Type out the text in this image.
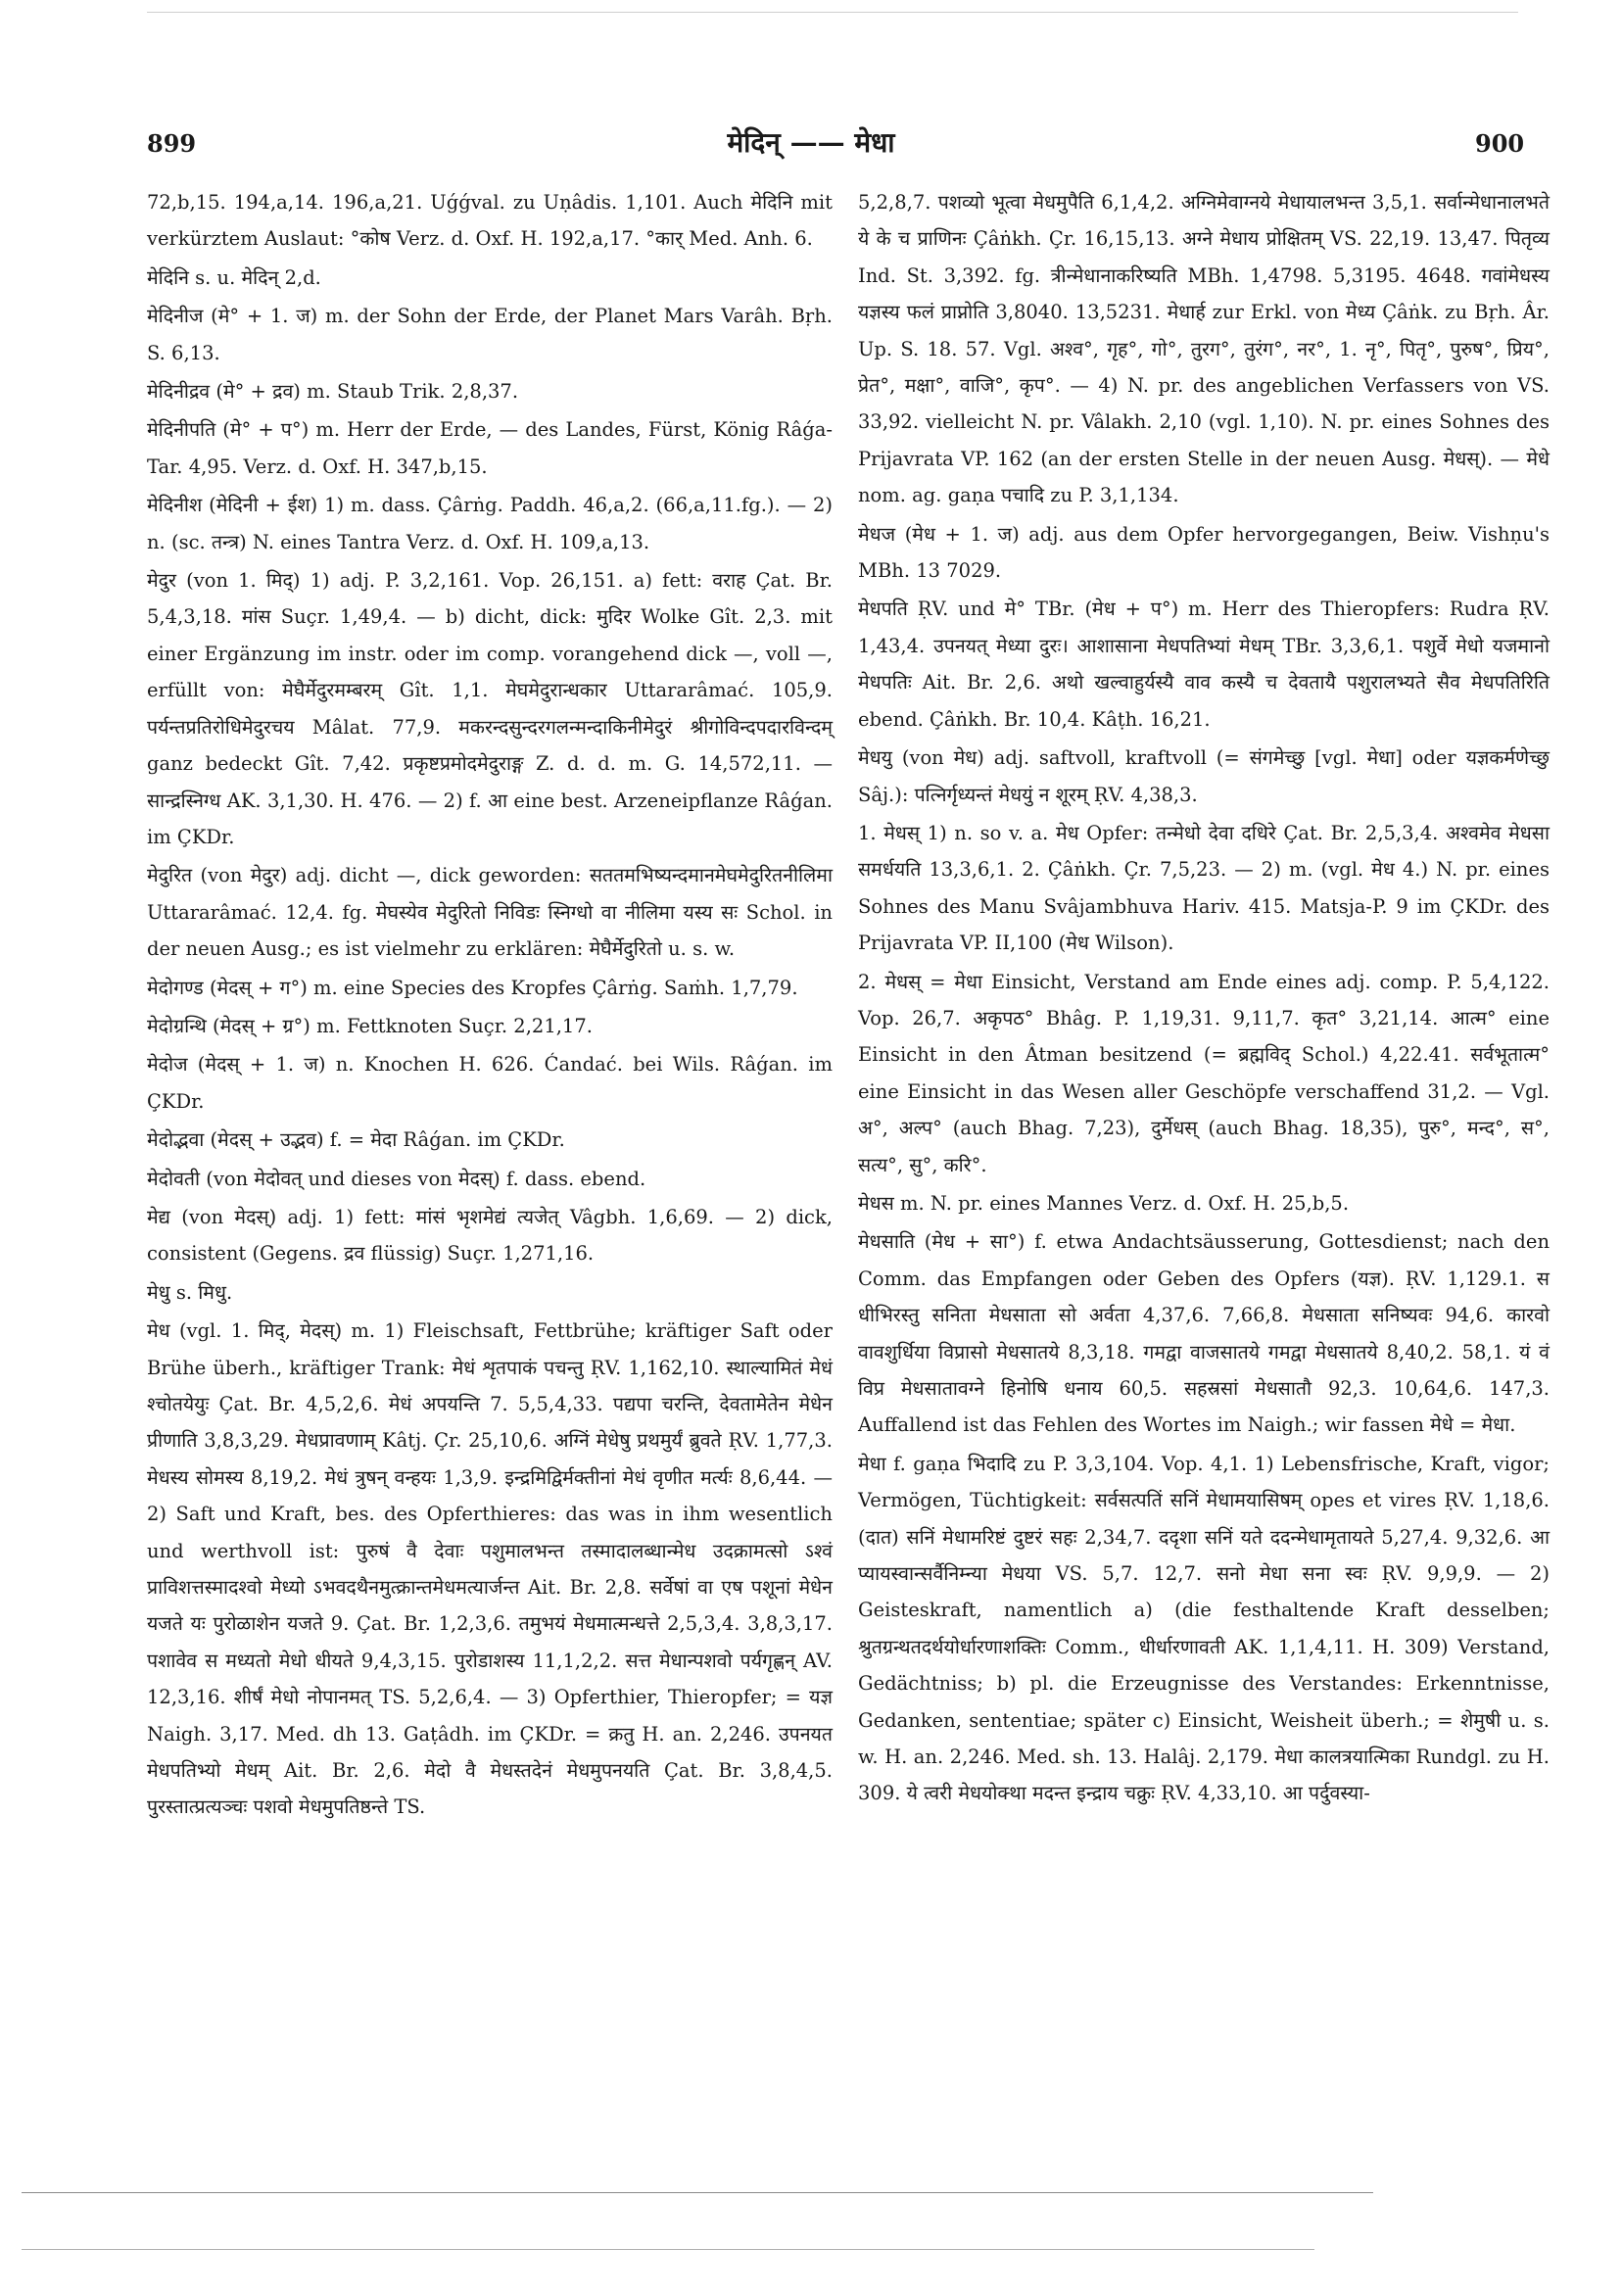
899	मेदिन् —— मेधा	900

72,b,15. 194,a,14. 196,a,21. Uǵǵval. zu Uṇâdis. 1,101. Auch मेदिनि mit verkürztem Auslaut: °कोष Verz. d. Oxf. H. 192,a,17. °कार् Med. Anh. 6.

मेदिनि s. u. मेदिन् 2,d.

मेदिनीज (मे° + 1. ज) m. der Sohn der Erde, der Planet Mars Varâh. Bṛh. S. 6,13.

मेदिनीद्रव (मे° + द्रव) m. Staub Trik. 2,8,37.

मेदिनीपति (मे° + प°) m. Herr der Erde, — des Landes, Fürst, König Râǵa-Tar. 4,95. Verz. d. Oxf. H. 347,b,15.

मेदिनीश (मेदिनी + ईश) 1) m. dass. Çârṅg. Paddh. 46,a,2. (66,a,11.fg.). — 2) n. (sc. तन्त्र) N. eines Tantra Verz. d. Oxf. H. 109,a,13.

मेदुर (von 1. मिद्) 1) adj. P. 3,2,161. Vop. 26,151. a) fett: वराह Çat. Br. 5,4,3,18. मांस Suçr. 1,49,4. — b) dicht, dick: मुदिर Wolke Gît. 2,3. mit einer Ergänzung im instr. oder im comp. vorangehend dick —, voll —, erfüllt von: मेघैर्मेदुरमम्बरम् Gît. 1,1. मेघमेदुरान्धकार Uttararâmać. 105,9. पर्यन्तप्रतिरोधिमेदुरचय Mâlat. 77,9. मकरन्दसुन्दरगलन्मन्दाकिनीमेदुरं श्रीगोविन्दपदारविन्दम् ganz bedeckt Gît. 7,42. प्रकृष्टप्रमोदमेदुराङ्ग Z. d. d. m. G. 14,572,11. — सान्द्रस्निग्ध AK. 3,1,30. H. 476. — 2) f. आ eine best. Arzeneipflanze Râǵan. im ÇKDr.

मेदुरित (von मेदुर) adj. dicht —, dick geworden: सततमभिष्यन्दमानमेघमेदुरितनीलिमा Uttararâmać. 12,4. fg. मेघस्येव मेदुरितो निविडः स्निग्धो वा नीलिमा यस्य सः Schol. in der neuen Ausg.; es ist vielmehr zu erklären: मेघैर्मेदुरितो u. s. w.

मेदोगण्ड (मेदस् + ग°) m. eine Species des Kropfes Çârṅg. Saṁh. 1,7,79.

मेदोग्रन्थि (मेदस् + ग्र°) m. Fettknoten Suçr. 2,21,17.

मेदोज (मेदस् + 1. ज) n. Knochen H. 626. Ćandać. bei Wils. Râǵan. im ÇKDr.

मेदोद्भवा (मेदस् + उद्भव) f. = मेदा Râǵan. im ÇKDr.

मेदोवती (von मेदोवत् und dieses von मेदस्) f. dass. ebend.

मेद्य (von मेदस्) adj. 1) fett: मांसं भृशमेद्यं त्यजेत् Vâgbh. 1,6,69. — 2) dick, consistent (Gegens. द्रव flüssig) Suçr. 1,271,16.

मेधु s. मिधु.

मेध (vgl. 1. मिद्, मेदस्) m. 1) Fleischsaft, Fettbrühe; kräftiger Saft oder Brühe überh., kräftiger Trank: मेधं शृतपाकं पचन्तु ṚV. 1,162,10. स्थाल्यामितं मेधं श्चोतयेयुः Çat. Br. 4,5,2,6. मेधं अपयन्ति 7. 5,5,4,33. पद्यपा चरन्ति, देवतामेतेन मेधेन प्रीणाति 3,8,3,29. मेधप्रावणाम् Kâtj. Çr. 25,10,6. अग्निं मेधेषु प्रथमुर्यं ब्रुवते ṚV. 1,77,3. मेधस्य सोमस्य 8,19,2. मेधं त्रुषन् वन्हयः 1,3,9. इन्द्रमिद्विर्मक्तीनां मेधं वृणीत मर्त्यः 8,6,44. — 2) Saft und Kraft, bes. des Opferthieres: das was in ihm wesentlich und werthvoll ist: पुरुषं वै देवाः पशुमालभन्त तस्मादालब्धान्मेध उदक्रामत्सो ऽश्वं प्राविशत्तस्मादश्वो मेध्यो ऽभवदथैनमुत्क्रान्तमेधमत्यार्जन्त Ait. Br. 2,8. सर्वेषां वा एष पशूनां मेधेन यजते यः पुरोळाशेन यजते 9. Çat. Br. 1,2,3,6. तमुभयं मेधमात्मन्धत्ते 2,5,3,4. 3,8,3,17. पशावेव स मध्यतो मेधो धीयते 9,4,3,15. पुरोडाशस्य 11,1,2,2. सत्त मेधान्पशवो पर्यगृह्णन् AV. 12,3,16. शीर्षं मेधो नोपानमत् TS. 5,2,6,4. — 3) Opferthier, Thieropfer; = यज्ञ Naigh. 3,17. Med. dh 13. Gaṭâdh. im ÇKDr. = क्रतु H. an. 2,246. उपनयत मेधपतिभ्यो मेधम् Ait. Br. 2,6. मेदो वै मेधस्तदेनं मेधमुपनयति Çat. Br. 3,8,4,5. पुरस्तात्प्रत्यञ्चः पशवो मेधमुपतिष्ठन्ते TS.

5,2,8,7. पशव्यो भूत्वा मेधमुपैति 6,1,4,2. अग्निमेवाग्नये मेधायालभन्त 3,5,1. सर्वान्मेधानालभते ये के च प्राणिनः Çâṅkh. Çr. 16,15,13. अग्ने मेधाय प्रोक्षितम् VS. 22,19. 13,47. पितृव्य Ind. St. 3,392. fg. त्रीन्मेधानाकरिष्यति MBh. 1,4798. 5,3195. 4648. गवांमेधस्य यज्ञस्य फलं प्राप्नोति 3,8040. 13,5231. मेधार्ह zur Erkl. von मेध्य Çâṅk. zu Bṛh. Âr. Up. S. 18. 57. Vgl. अश्व°, गृह°, गो°, तुरग°, तुरंग°, नर°, 1. नृ°, पितृ°, पुरुष°, प्रिय°, प्रेत°, मक्षा°, वाजि°, कृप°. — 4) N. pr. des angeblichen Verfassers von VS. 33,92. vielleicht N. pr. Vâlakh. 2,10 (vgl. 1,10). N. pr. eines Sohnes des Prijavrata VP. 162 (an der ersten Stelle in der neuen Ausg. मेधस्). — मेधे nom. ag. gaṇa पचादि zu P. 3,1,134.

मेधज (मेध + 1. ज) adj. aus dem Opfer hervorgegangen, Beiw. Vishṇu's MBh. 13 7029.

मेधपति ṚV. und मे° TBr. (मेध + प°) m. Herr des Thieropfers: Rudra ṚV. 1,43,4. उपनयत् मेध्या दुरः। आशासाना मेधपतिभ्यां मेधम् TBr. 3,3,6,1. पशुर्वे मेधो यजमानो मेधपतिः Ait. Br. 2,6. अथो खल्वाहुर्यस्यै वाव कस्यै च देवतायै पशुरालभ्यते सैव मेधपतिरिति ebend. Çâṅkh. Br. 10,4. Kâṭh. 16,21.

मेधयु (von मेध) adj. saftvoll, kraftvoll (= संगमेच्छु [vgl. मेधा] oder यज्ञकर्मणेच्छु Sâj.): पत्निर्गृध्यन्तं मेधयुं न शूरम् ṚV. 4,38,3.

1. मेधस् 1) n. so v. a. मेध Opfer: तन्मेधो देवा दधिरे Çat. Br. 2,5,3,4. अश्वमेव मेधसा समर्धयति 13,3,6,1. 2. Çâṅkh. Çr. 7,5,23. — 2) m. (vgl. मेध 4.) N. pr. eines Sohnes des Manu Svâjambhuva Hariv. 415. Matsja-P. 9 im ÇKDr. des Prijavrata VP. II,100 (मेध Wilson).

2. मेधस् = मेधा Einsicht, Verstand am Ende eines adj. comp. P. 5,4,122. Vop. 26,7. अकृपठ° Bhâg. P. 1,19,31. 9,11,7. कृत° 3,21,14. आत्म° eine Einsicht in den Âtman besitzend (= ब्रह्मविद् Schol.) 4,22.41. सर्वभूतात्म° eine Einsicht in das Wesen aller Geschöpfe verschaffend 31,2. — Vgl. अ°, अल्प° (auch Bhag. 7,23), दुर्मेधस् (auch Bhag. 18,35), पुरु°, मन्द°, स°, सत्य°, सु°, करि°.

मेधस m. N. pr. eines Mannes Verz. d. Oxf. H. 25,b,5.

मेधसाति (मेध + सा°) f. etwa Andachtsäusserung, Gottesdienst; nach den Comm. das Empfangen oder Geben des Opfers (यज्ञ). ṚV. 1,129.1. स धीभिरस्तु सनिता मेधसाता सो अर्वता 4,37,6. 7,66,8. मेधसाता सनिष्यवः 94,6. कारवो वावशुर्धिया विप्रासो मेधसातये 8,3,18. गमद्वा वाजसातये गमद्वा मेधसातये 8,40,2. 58,1. यं वं विप्र मेधसातावग्ने हिनोषि धनाय 60,5. सहस्रसां मेधसातौ 92,3. 10,64,6. 147,3. Auffallend ist das Fehlen des Wortes im Naigh.; wir fassen मेधे = मेधा.

मेधा f. gaṇa भिदादि zu P. 3,3,104. Vop. 4,1. 1) Lebensfrische, Kraft, vigor; Vermögen, Tüchtigkeit: सर्वसत्पतिं सनिं मेधामयासिषम् opes et vires ṚV. 1,18,6. (दात) सनिं मेधामरिष्टं दुष्टरं सहः 2,34,7. ददृशा सनिं यते ददन्मेधामृतायते 5,27,4. 9,32,6. आ प्यायस्वान्सर्वैनिम्न्या मेधया VS. 5,7. 12,7. सनो मेधा सना स्वः ṚV. 9,9,9. — 2) Geisteskraft, namentlich a) (die festhaltende Kraft desselben; श्रुतग्रन्थतदर्थयोर्धारणाशक्तिः Comm., धीर्धारणावती AK. 1,1,4,11. H. 309) Verstand, Gedächtniss; b) pl. die Erzeugnisse des Verstandes: Erkenntnisse, Gedanken, sententiae; später c) Einsicht, Weisheit überh.; = शेमुषी u. s. w. H. an. 2,246. Med. sh. 13. Halâj. 2,179. मेधा कालत्रयात्मिका Rundgl. zu H. 309. ये त्वरी मेधयोक्था मदन्त इन्द्राय चक्रुः ṚV. 4,33,10. आ पर्दुवस्या-
